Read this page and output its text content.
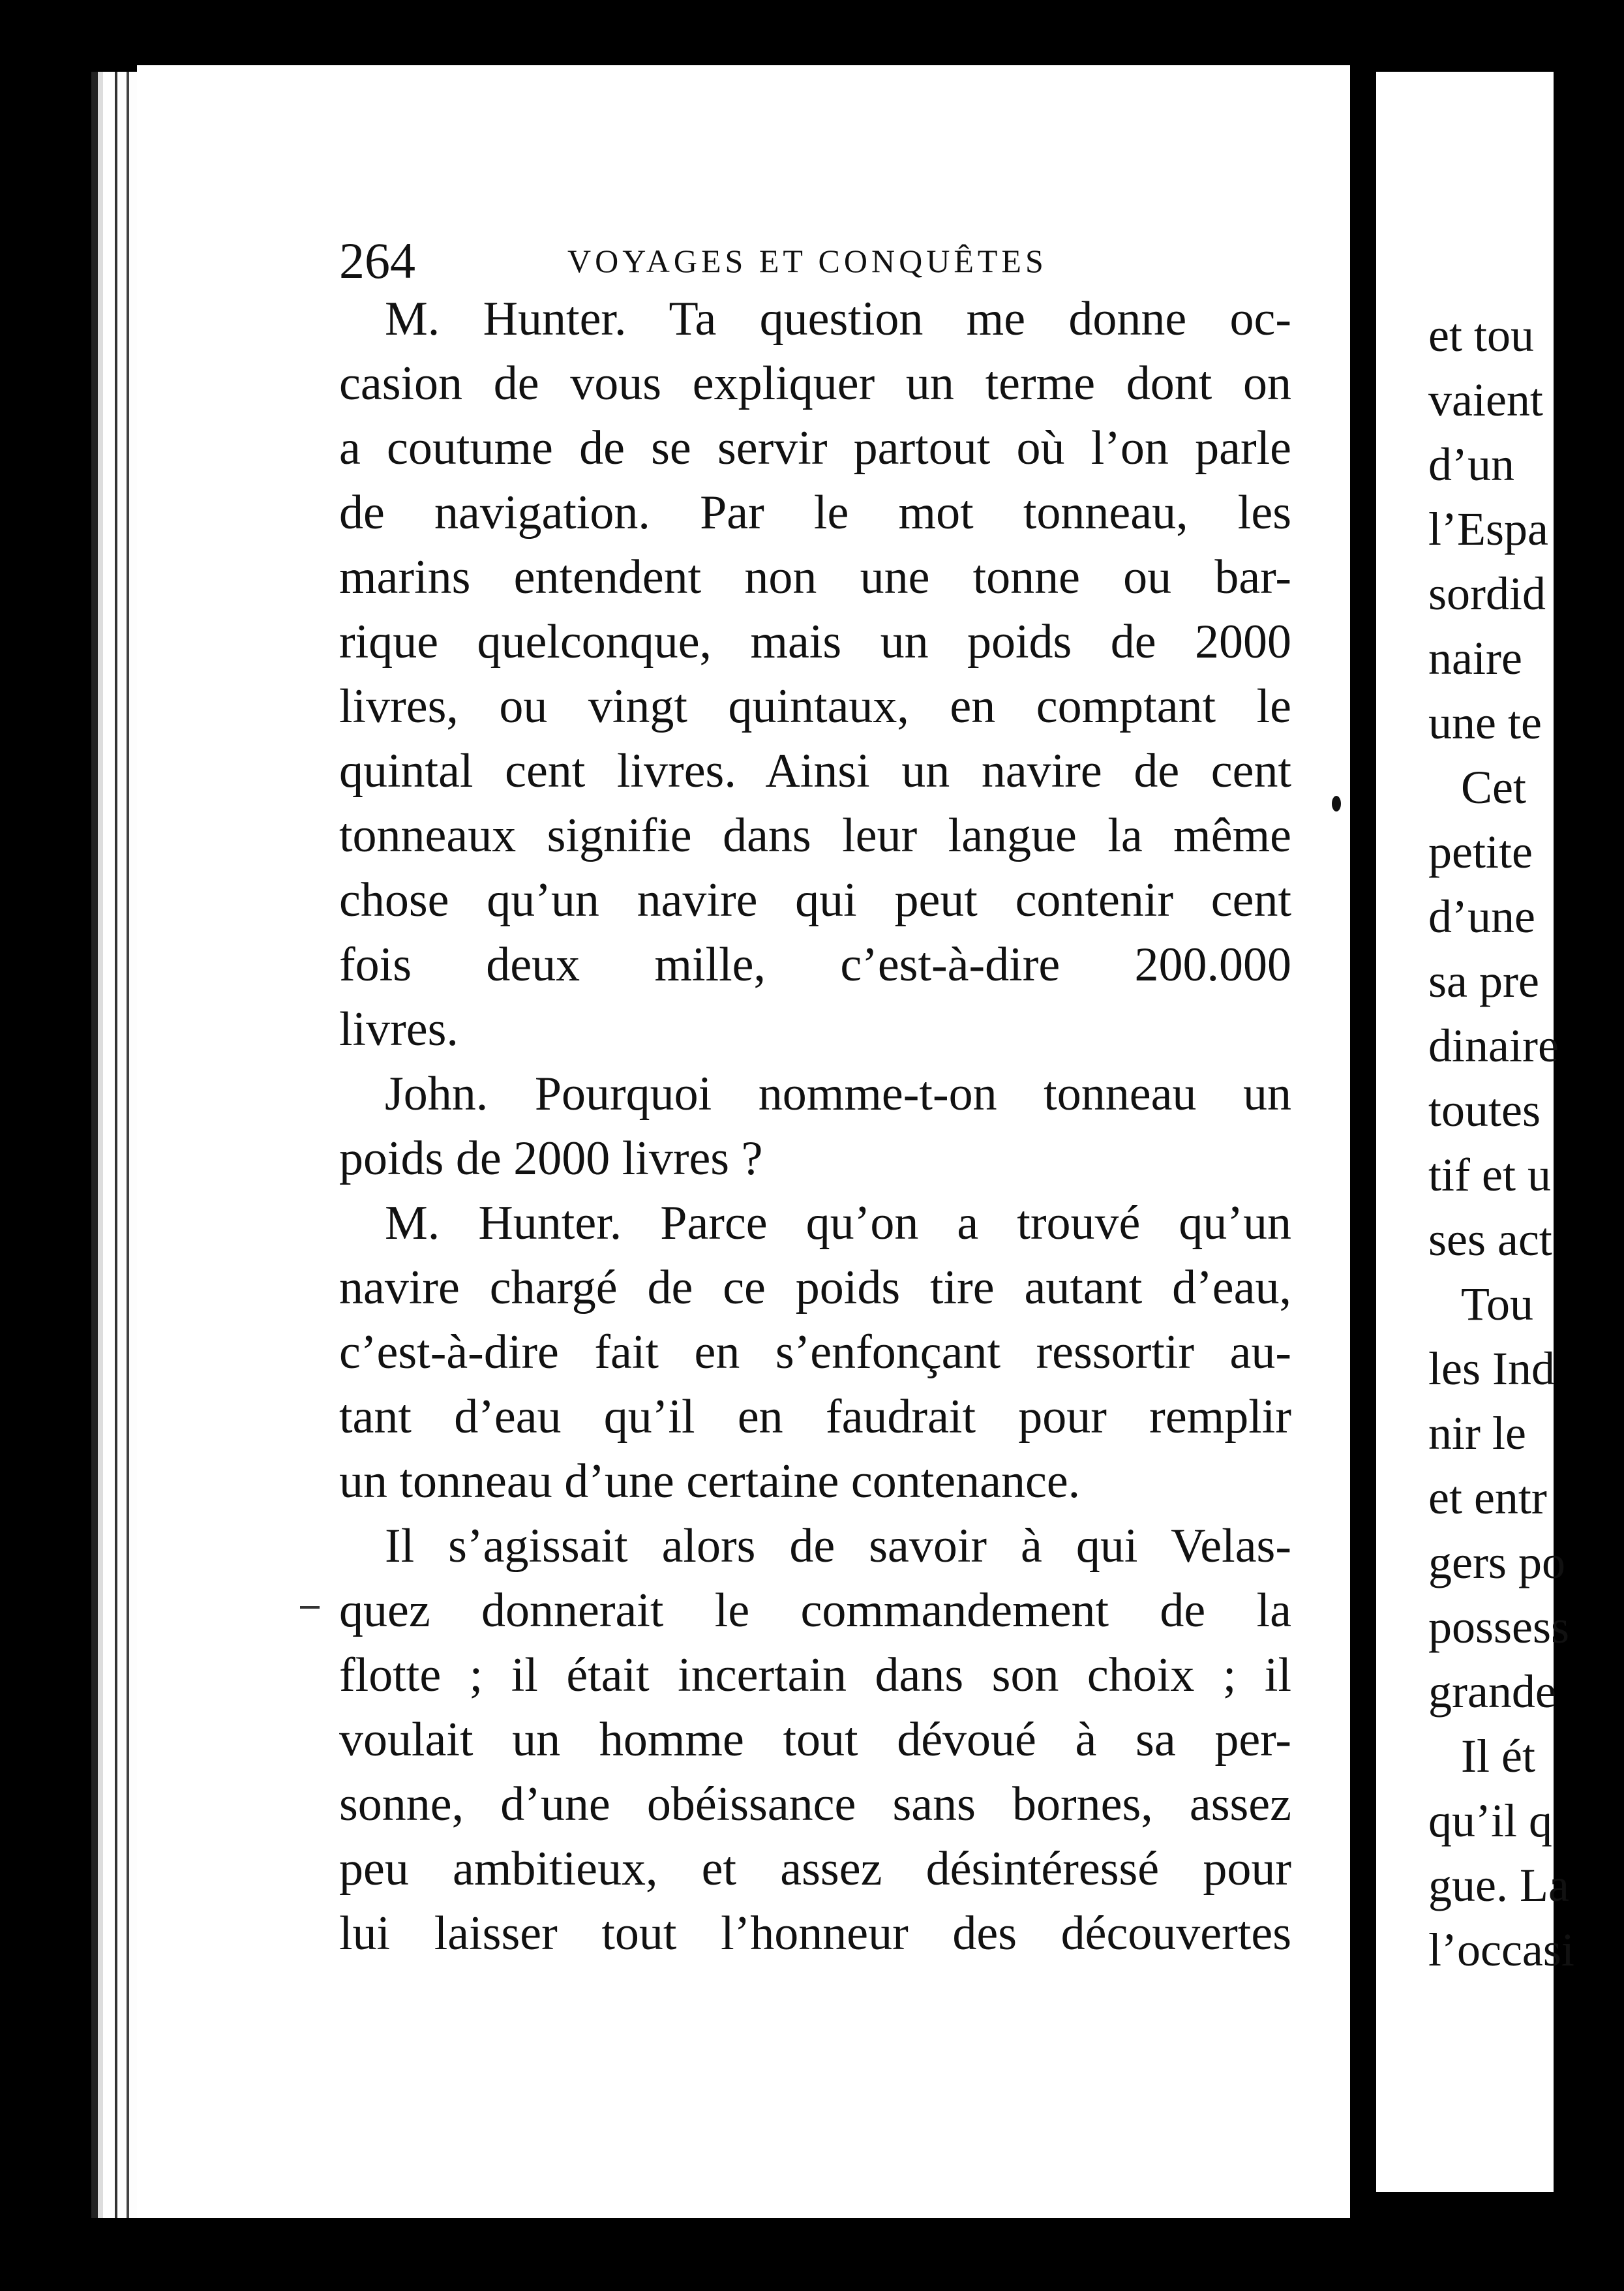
et tou
vaient
d’un
l’Espa
sordid
naire
une te
Cet
petite
d’une
sa pre
dinaire
toutes
tif et u
ses act
Tou
les Ind
nir le
et entr
gers po
possess
grande
Il ét
qu’il q
gue. La
l’occasi
264	VOYAGES ET CONQUÊTES
M. Hunter. Ta question me donne oc-
casion de vous expliquer un terme dont on
a coutume de se servir partout où l’on parle
de navigation. Par le mot tonneau, les
marins entendent non une tonne ou bar-
rique quelconque, mais un poids de 2000
livres, ou vingt quintaux, en comptant le
quintal cent livres. Ainsi un navire de cent
tonneaux signifie dans leur langue la même
chose qu’un navire qui peut contenir cent
fois deux mille, c’est-à-dire 200.000
livres.
John. Pourquoi nomme-t-on tonneau un
poids de 2000 livres ?
M. Hunter. Parce qu’on a trouvé qu’un
navire chargé de ce poids tire autant d’eau,
c’est-à-dire fait en s’enfonçant ressortir au-
tant d’eau qu’il en faudrait pour remplir
un tonneau d’une certaine contenance.
Il s’agissait alors de savoir à qui Velas-
quez donnerait le commandement de la
flotte ; il était incertain dans son choix ; il
voulait un homme tout dévoué à sa per-
sonne, d’une obéissance sans bornes, assez
peu ambitieux, et assez désintéressé pour
lui laisser tout l’honneur des découvertes
